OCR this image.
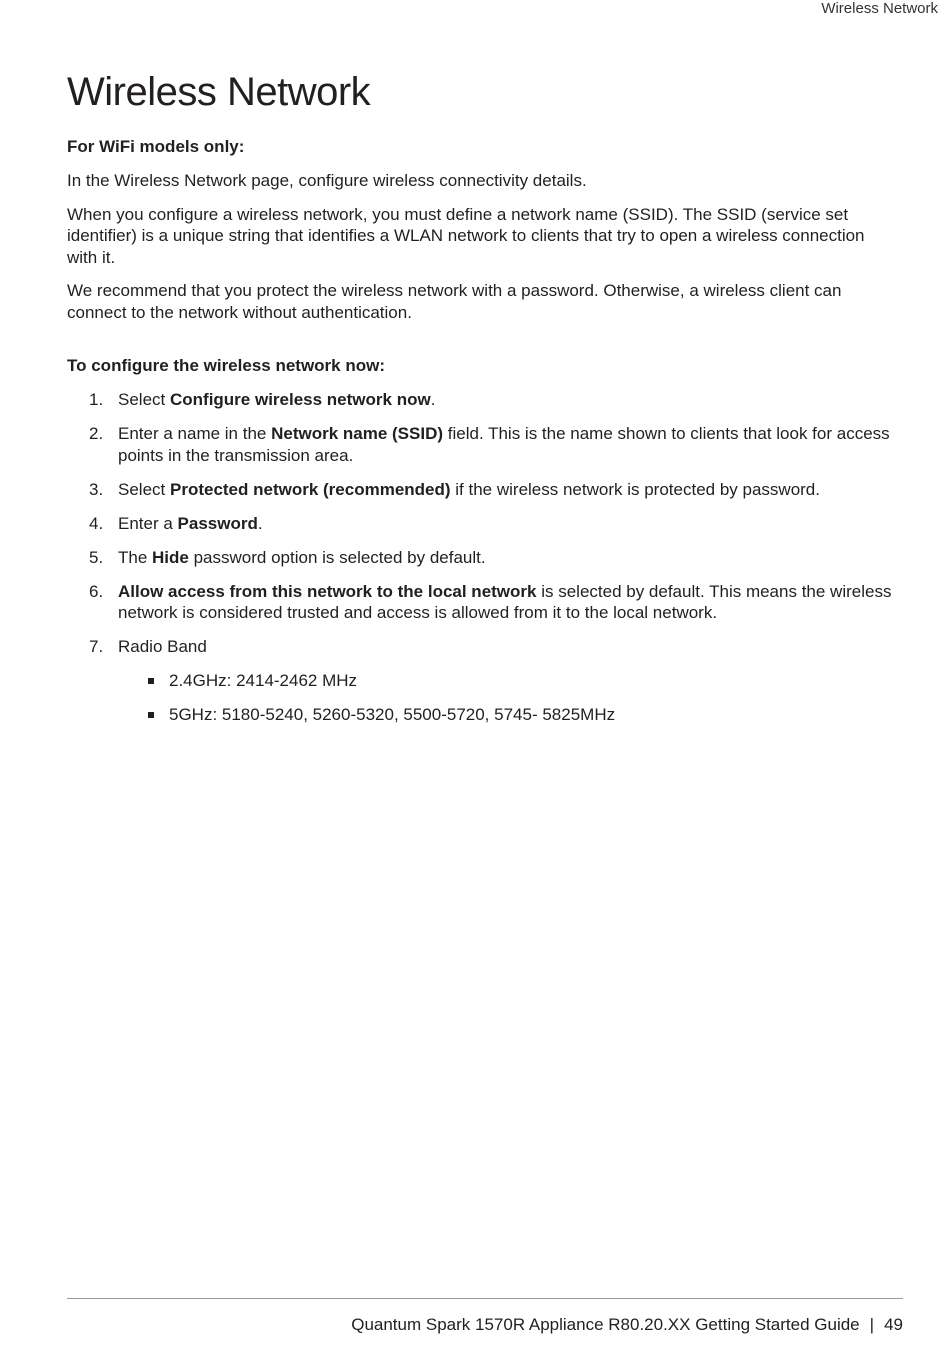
Wireless Network
Wireless Network
For WiFi models only:

In the Wireless Network page, configure wireless connectivity details.

When you configure a wireless network, you must define a network name (SSID). The SSID (service set identifier) is a unique string that identifies a WLAN network to clients that try to open a wireless connection with it.

We recommend that you protect the wireless network with a password. Otherwise, a wireless client can connect to the network without authentication.

To configure the wireless network now:
1. Select Configure wireless network now.
2. Enter a name in the Network name (SSID) field. This is the name shown to clients that look for access points in the transmission area.
3. Select Protected network (recommended) if the wireless network is protected by password.
4. Enter a Password.
5. The Hide password option is selected by default.
6. Allow access from this network to the local network is selected by default. This means the wireless network is considered trusted and access is allowed from it to the local network.
7. Radio Band
2.4GHz: 2414-2462 MHz
5GHz: 5180-5240, 5260-5320, 5500-5720, 5745- 5825MHz
Quantum Spark 1570R Appliance R80.20.XX Getting Started Guide | 49
